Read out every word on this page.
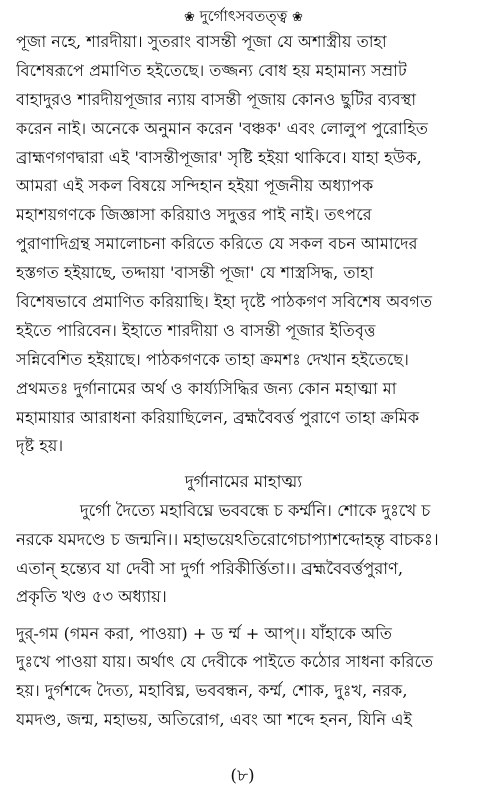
❀ দুর্গোৎসবতত্ত্ব ❀
পূজা নহে, শারদীয়া। সুতরাং বাসন্তী পূজা যে অশাস্ত্রীয় তাহা
বিশেষরূপে প্রমাণিত হইতেছে। তজ্জন্য বোধ হয় মহামান্য সম্রাট
বাহাদুরও শারদীয়পূজার ন্যায় বাসন্তী পূজায় কোনও ছুটির ব্যবস্থা
করেন নাই। অনেকে অনুমান করেন 'বঞ্চক' এবং লোলুপ পুরোহিত
ব্রাহ্মণগণদ্বারা এই 'বাসন্তীপূজার' সৃষ্টি হইয়া থাকিবে। যাহা হউক,
আমরা এই সকল বিষয়ে সন্দিহান হইয়া পূজনীয় অধ্যাপক
মহাশয়গণকে জিজ্ঞাসা করিয়াও সদুত্তর পাই নাই। তৎপরে
পুরাণাদিগ্রন্থ সমালোচনা করিতে করিতে যে সকল বচন আমাদের
হস্তগত হইয়াছে, তদ্দায়া 'বাসন্তী পূজা' যে শাস্ত্রসিদ্ধ, তাহা
বিশেষভাবে প্রমাণিত করিয়াছি। ইহা দৃষ্টে পাঠকগণ সবিশেষ অবগত
হইতে পারিবেন। ইহাতে শারদীয়া ও বাসন্তী পূজার ইতিবৃত্ত
সন্নিবেশিত হইয়াছে। পাঠকগণকে তাহা ক্রমশঃ দেখান হইতেছে।
প্রথমতঃ দুর্গানামের অর্থ ও কার্য্যসিদ্ধির জন্য কোন মহাত্মা মা
মহামায়ার আরাধনা করিয়াছিলেন, ব্রহ্মবৈবর্ত্ত পুরাণে তাহা ক্রমিক
দৃষ্ট হয়।
দুর্গানামের মাহাত্ম্য
দুর্গো দৈত্যে মহাবিঘ্নে ভববন্ধে চ কর্ম্মনি। শোকে দুঃখে চ
নরকে যমদণ্ডে চ জন্মনি।। মহাভয়েঽতিরোগেচাপ্যাশব্দোহন্তৃ বাচকঃ।
এতান্ হন্ত্যেব যা দেবী সা দুর্গা পরিকীর্ত্তিতা।। ব্রহ্মবৈবর্ত্তপুরাণ,
প্রকৃতি খণ্ড ৫৩ অধ্যায়।
দুর্-গম (গমন করা, পাওয়া) + ড র্ম্ম + আপ্।। যাঁহাকে অতি
দুঃখে পাওয়া যায়। অর্থাৎ যে দেবীকে পাইতে কঠোর সাধনা করিতে
হয়। দুর্গশব্দে দৈত্য, মহাবিঘ্ন, ভববন্ধন, কর্ম্ম, শোক, দুঃখ, নরক,
যমদণ্ড, জন্ম, মহাভয়, অতিরোগ, এবং আ শব্দে হনন, যিনি এই
(৮)
